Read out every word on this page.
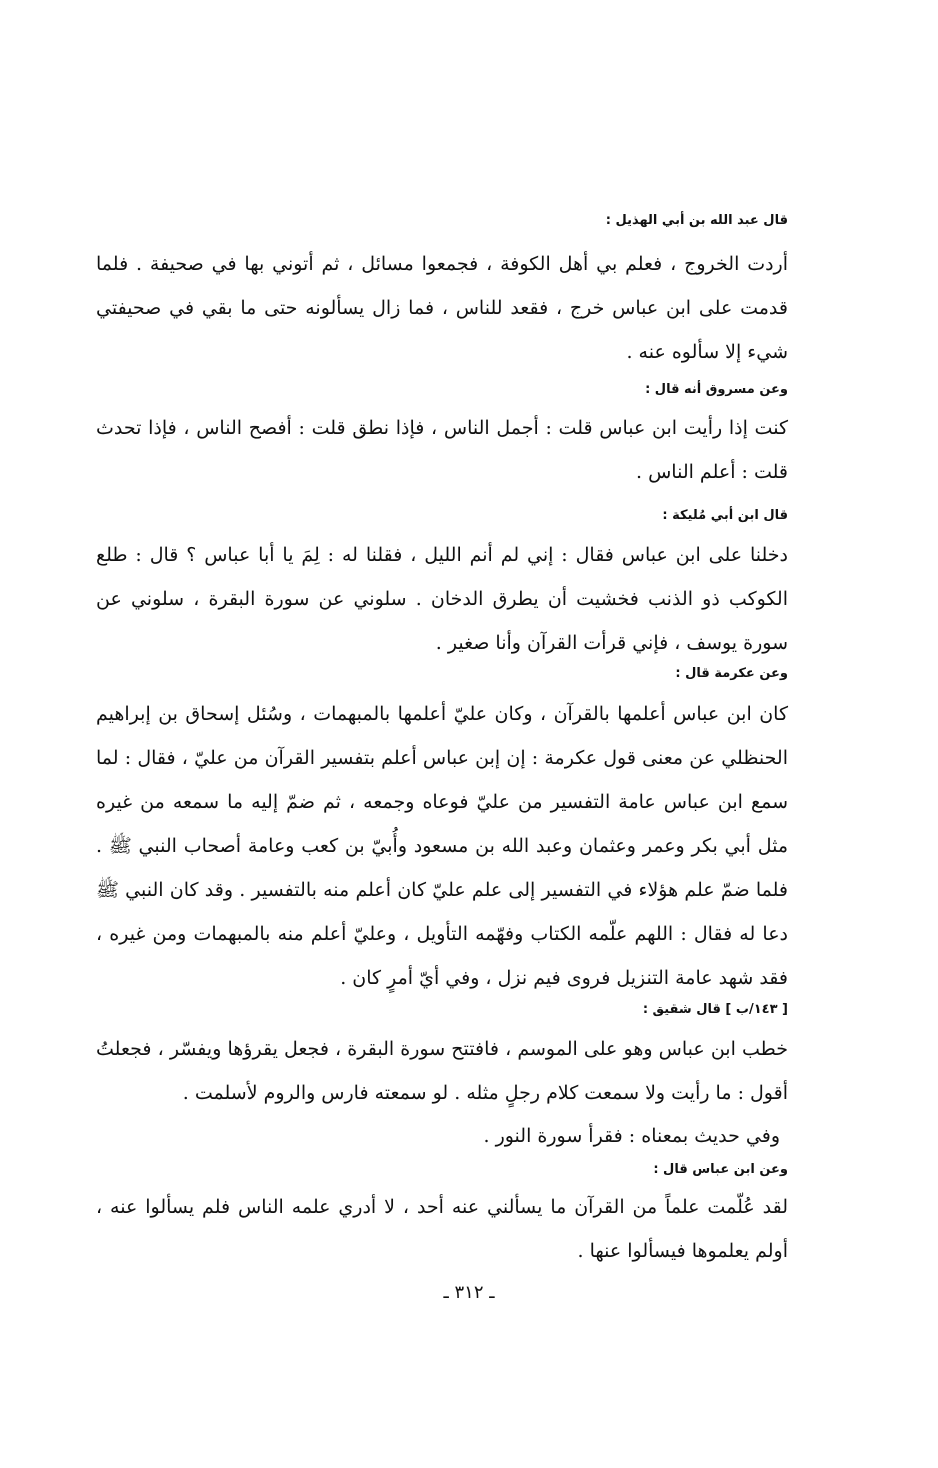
قال عبد الله بن أبي الهذيل :
أردت الخروج ، فعلم بي أهل الكوفة ، فجمعوا مسائل ، ثم أتوني بها في صحيفة . فلما قدمت على ابن عباس خرج ، فقعد للناس ، فما زال يسألونه حتى ما بقي في صحيفتي شيء إلا سألوه عنه .
وعن مسروق أنه قال :
كنت إذا رأيت ابن عباس قلت : أجمل الناس ، فإذا نطق قلت : أفصح الناس ، فإذا تحدث قلت : أعلم الناس .
قال ابن أبي مُليكة :
دخلنا على ابن عباس فقال : إني لم أنم الليل ، فقلنا له : لِمَ يا أبا عباس ؟ قال : طلع الكوكب ذو الذنب فخشيت أن يطرق الدخان . سلوني عن سورة البقرة ، سلوني عن سورة يوسف ، فإني قرأت القرآن وأنا صغير .
وعن عكرمة قال :
كان ابن عباس أعلمها بالقرآن ، وكان عليّ أعلمها بالمبهمات ، وسُئل إسحاق بن إبراهيم الحنظلي عن معنى قول عكرمة : إن إبن عباس أعلم بتفسير القرآن من عليّ ، فقال : لما سمع ابن عباس عامة التفسير من عليّ فوعاه وجمعه ، ثم ضمّ إليه ما سمعه من غيره مثل أبي بكر وعمر وعثمان وعبد الله بن مسعود وأُبيّ بن كعب وعامة أصحاب النبي ﷺ . فلما ضمّ علم هؤلاء في التفسير إلى علم عليّ كان أعلم منه بالتفسير . وقد كان النبي ﷺ دعا له فقال : اللهم علّمه الكتاب وفهّمه التأويل ، وعليّ أعلم منه بالمبهمات ومن غيره ، فقد شهد عامة التنزيل فروى فيم نزل ، وفي أيّ أمرٍ كان .
[ ١٤٣/ب ] قال شقيق :
خطب ابن عباس وهو على الموسم ، فافتتح سورة البقرة ، فجعل يقرؤها ويفسّر ، فجعلتُ أقول : ما رأيت ولا سمعت كلام رجلٍ مثله . لو سمعته فارس والروم لأسلمت .
وفي حديث بمعناه : فقرأ سورة النور .
وعن ابن عباس قال :
لقد عُلّمت علماً من القرآن ما يسألني عنه أحد ، لا أدري علمه الناس فلم يسألوا عنه ، أولم يعلموها فيسألوا عنها .
ـ ٣١٢ ـ
